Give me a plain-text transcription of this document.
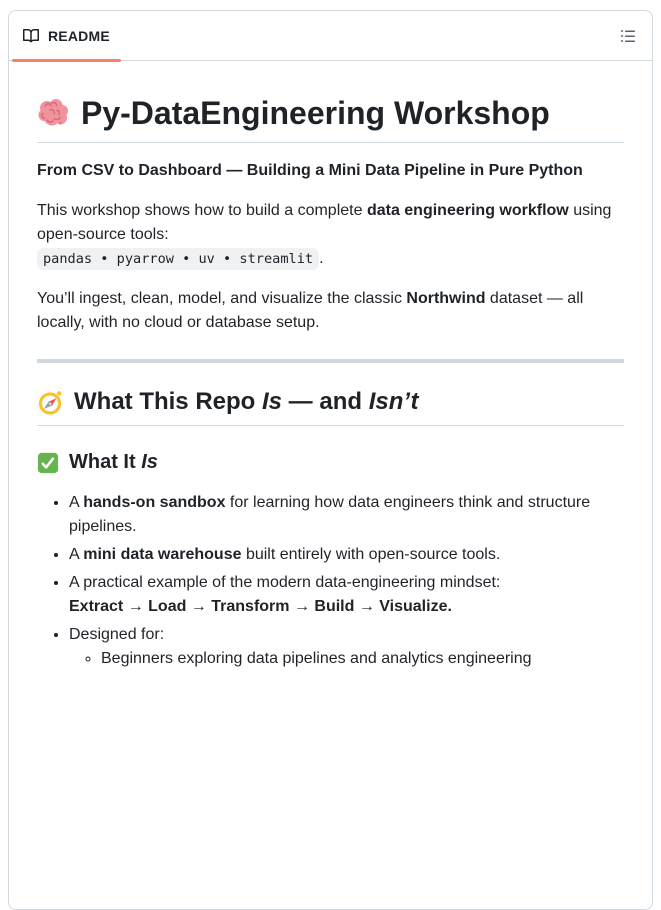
README
Py-DataEngineering Workshop

From CSV to Dashboard — Building a Mini Data Pipeline in Pure Python

This workshop shows how to build a complete data engineering workflow using open-source tools:
pandas • pyarrow • uv • streamlit .

You’ll ingest, clean, model, and visualize the classic Northwind dataset — all locally, with no cloud or database setup.

What This Repo Is — and Isn’t
What It Is
• A hands-on sandbox for learning how data engineers think and structure pipelines.
• A mini data warehouse built entirely with open-source tools.
• A practical example of the modern data-engineering mindset:
Extract → Load → Transform → Build → Visualize.
• Designed for:
◦ Beginners exploring data pipelines and analytics engineering
